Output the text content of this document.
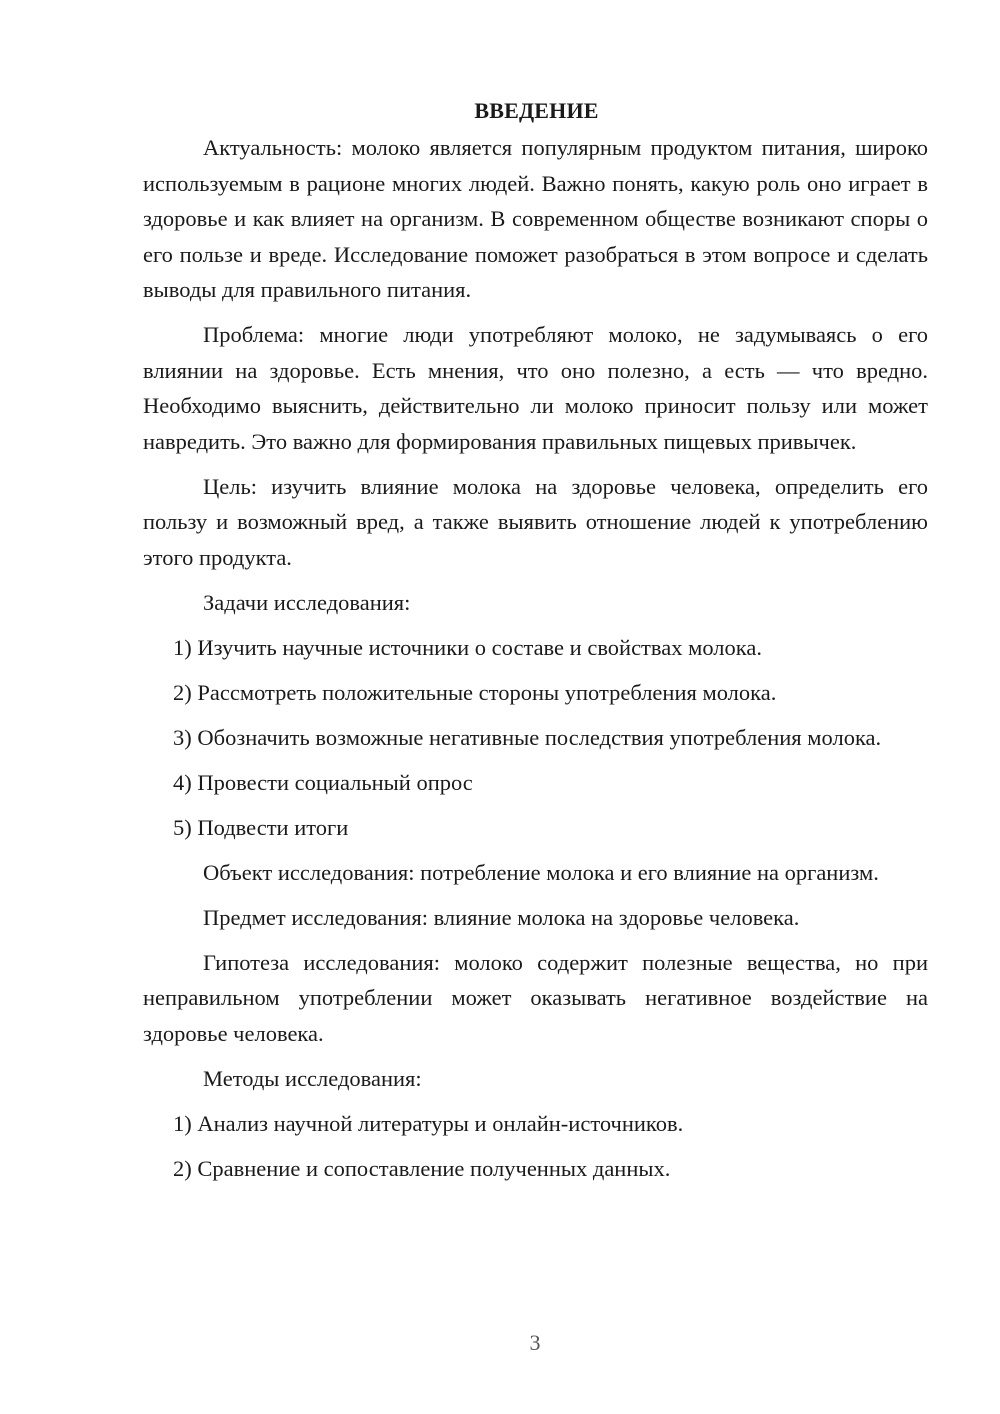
ВВЕДЕНИЕ

Актуальность: молоко является популярным продуктом питания, широко используемым в рационе многих людей. Важно понять, какую роль оно играет в здоровье и как влияет на организм. В современном обществе возникают споры о его пользе и вреде. Исследование поможет разобраться в этом вопросе и сделать выводы для правильного питания.

Проблема: многие люди употребляют молоко, не задумываясь о его влиянии на здоровье. Есть мнения, что оно полезно, а есть — что вредно. Необходимо выяснить, действительно ли молоко приносит пользу или может навредить. Это важно для формирования правильных пищевых привычек.

Цель: изучить влияние молока на здоровье человека, определить его пользу и возможный вред, а также выявить отношение людей к употреблению этого продукта.

Задачи исследования:

1) Изучить научные источники о составе и свойствах молока.

2) Рассмотреть положительные стороны употребления молока.

3) Обозначить возможные негативные последствия употребления молока.

4) Провести социальный опрос

5) Подвести итоги

Объект исследования: потребление молока и его влияние на организм.

Предмет исследования: влияние молока на здоровье человека.

Гипотеза исследования: молоко содержит полезные вещества, но при неправильном употреблении может оказывать негативное воздействие на здоровье человека.

Методы исследования:

1) Анализ научной литературы и онлайн-источников.

2) Сравнение и сопоставление полученных данных.

3
